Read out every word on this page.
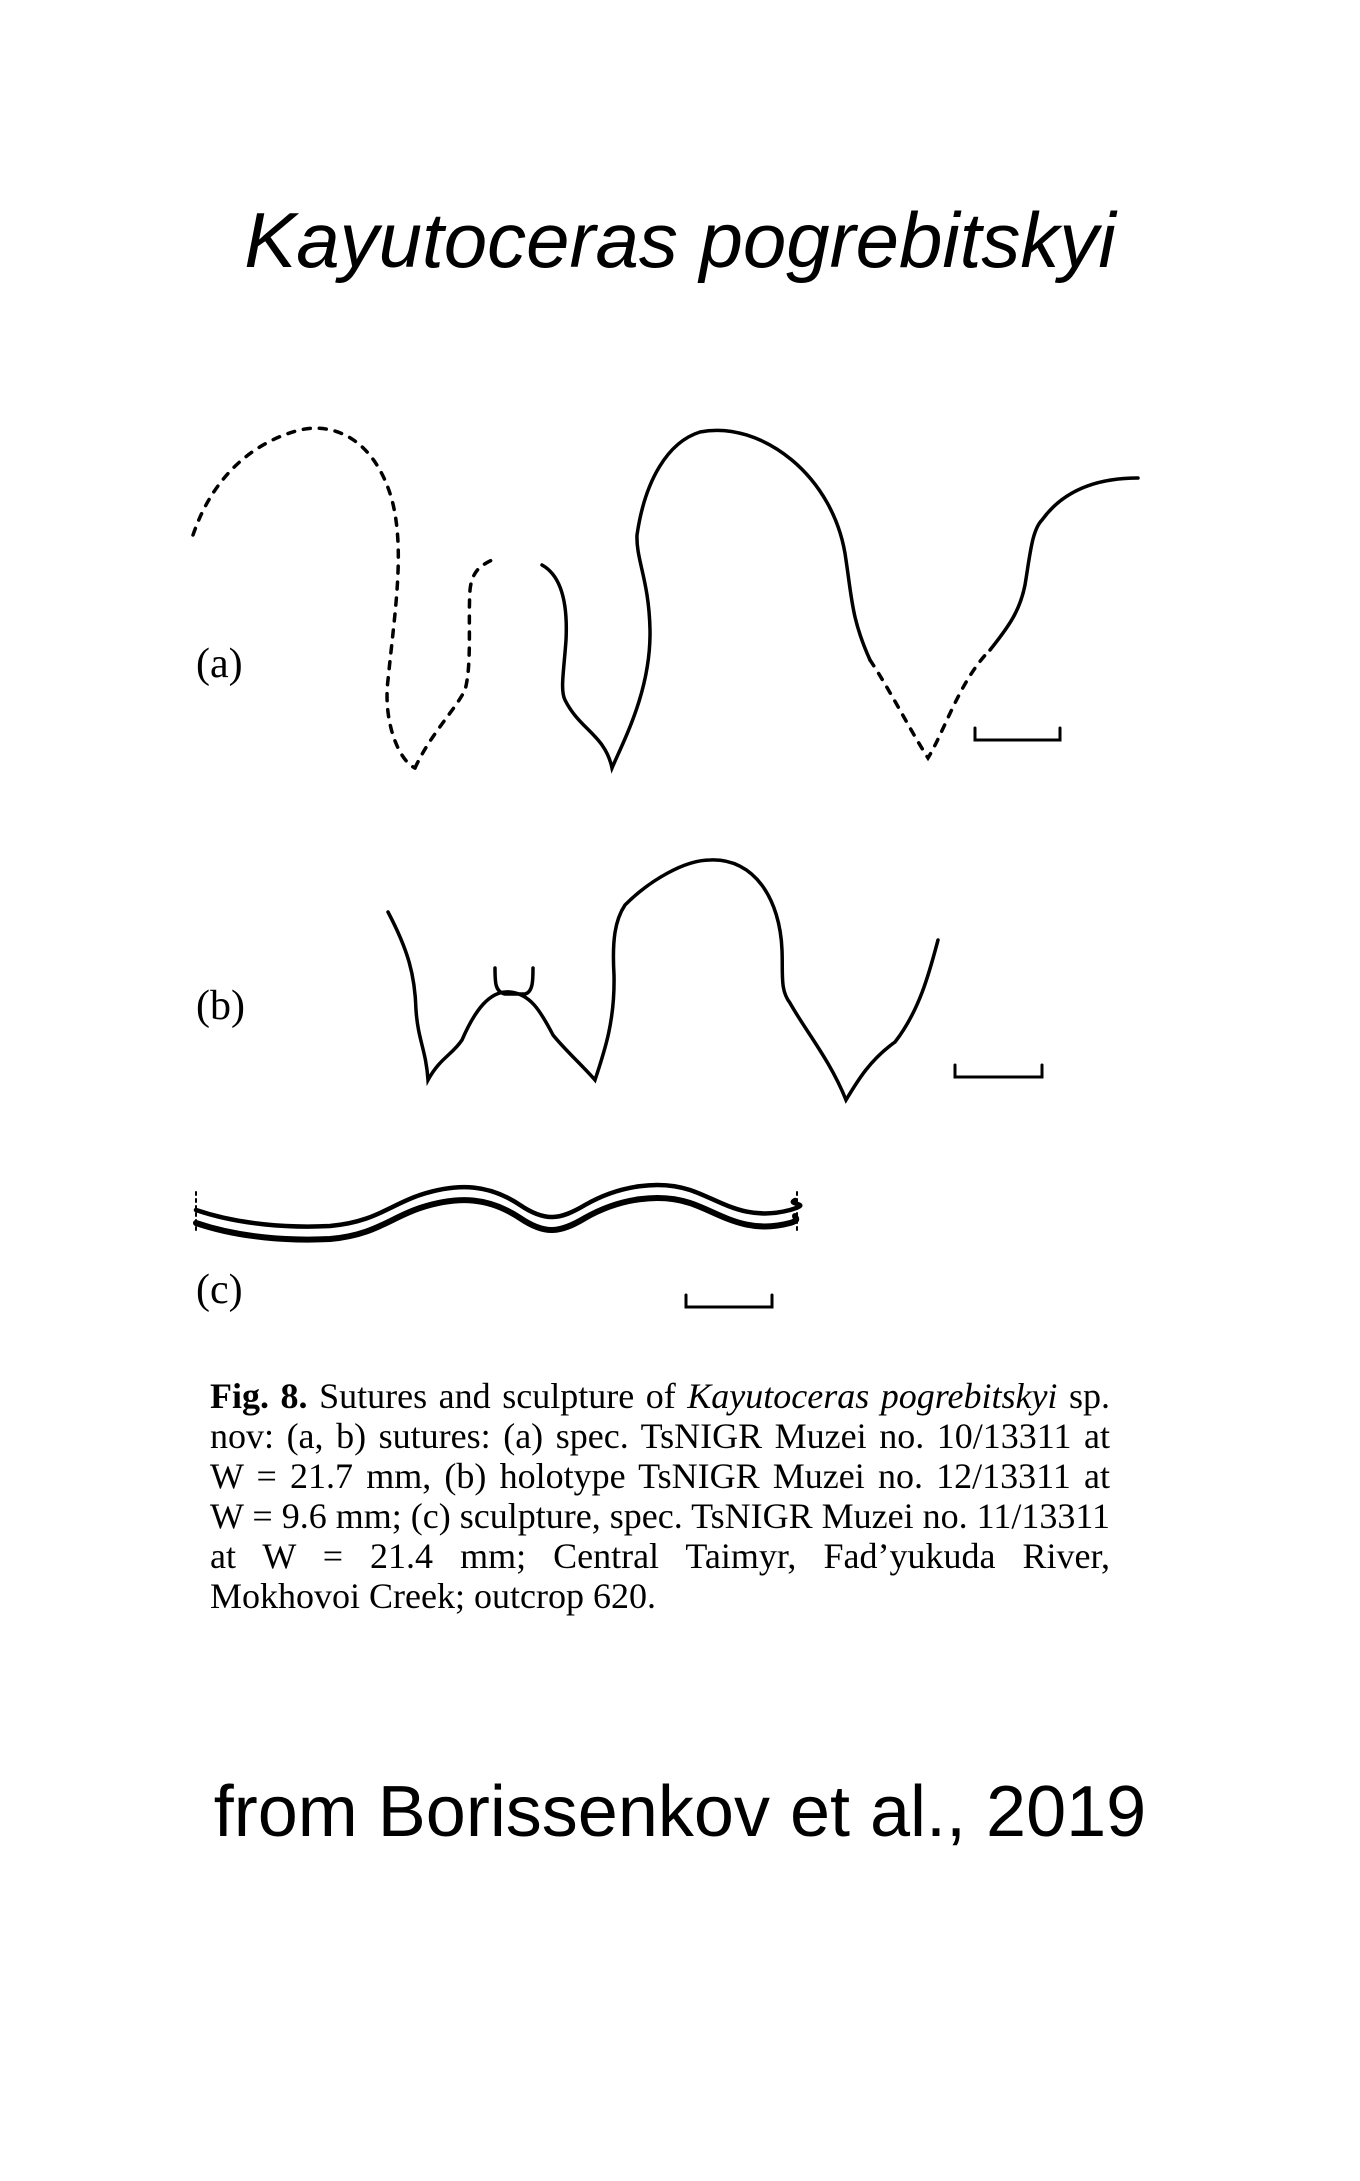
Kayutoceras pogrebitskyi
(a)
(b)
(c)
Fig. 8. Sutures and sculpture of Kayutoceras pogrebitskyi sp. nov: (a, b) sutures: (a) spec. TsNIGR Muzei no. 10/13311 at W = 21.7 mm, (b) holotype TsNIGR Muzei no. 12/13311 at W = 9.6 mm; (c) sculpture, spec. TsNIGR Muzei no. 11/13311 at W = 21.4 mm; Central Taimyr, Fad’yukuda River, Mokhovoi Creek; outcrop 620.
from Borissenkov et al., 2019
